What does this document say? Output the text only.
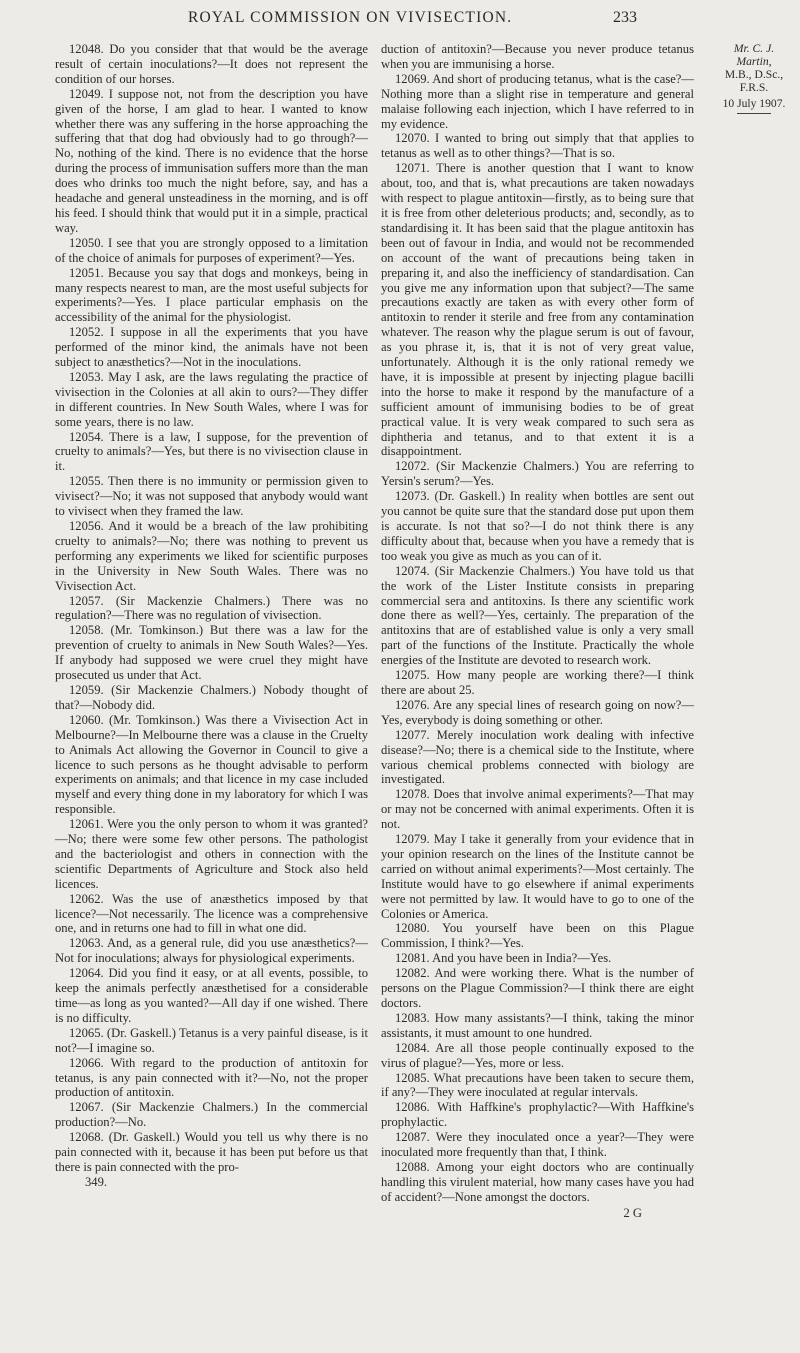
ROYAL COMMISSION ON VIVISECTION.	233

12048. Do you consider that that would be the average result of certain inoculations?—It does not represent the condition of our horses.

12049. I suppose not, not from the description you have given of the horse, I am glad to hear. I wanted to know whether there was any suffering in the horse approaching the suffering that that dog had obviously had to go through?—No, nothing of the kind. There is no evidence that the horse during the process of immunisation suffers more than the man does who drinks too much the night before, say, and has a headache and general unsteadiness in the morning, and is off his feed. I should think that would put it in a simple, practical way.

12050. I see that you are strongly opposed to a limitation of the choice of animals for purposes of experiment?—Yes.

12051. Because you say that dogs and monkeys, being in many respects nearest to man, are the most useful subjects for experiments?—Yes. I place particular emphasis on the accessibility of the animal for the physiologist.

12052. I suppose in all the experiments that you have performed of the minor kind, the animals have not been subject to anæsthetics?—Not in the inoculations.

12053. May I ask, are the laws regulating the practice of vivisection in the Colonies at all akin to ours?—They differ in different countries. In New South Wales, where I was for some years, there is no law.

12054. There is a law, I suppose, for the prevention of cruelty to animals?—Yes, but there is no vivisection clause in it.

12055. Then there is no immunity or permission given to vivisect?—No; it was not supposed that anybody would want to vivisect when they framed the law.

12056. And it would be a breach of the law prohibiting cruelty to animals?—No; there was nothing to prevent us performing any experiments we liked for scientific purposes in the University in New South Wales. There was no Vivisection Act.

12057. (Sir Mackenzie Chalmers.) There was no regulation?—There was no regulation of vivisection.

12058. (Mr. Tomkinson.) But there was a law for the prevention of cruelty to animals in New South Wales?—Yes. If anybody had supposed we were cruel they might have prosecuted us under that Act.

12059. (Sir Mackenzie Chalmers.) Nobody thought of that?—Nobody did.

12060. (Mr. Tomkinson.) Was there a Vivisection Act in Melbourne?—In Melbourne there was a clause in the Cruelty to Animals Act allowing the Governor in Council to give a licence to such persons as he thought advisable to perform experiments on animals; and that licence in my case included myself and every thing done in my laboratory for which I was responsible.

12061. Were you the only person to whom it was granted?—No; there were some few other persons. The pathologist and the bacteriologist and others in connection with the scientific Departments of Agriculture and Stock also held licences.

12062. Was the use of anæsthetics imposed by that licence?—Not necessarily. The licence was a comprehensive one, and in returns one had to fill in what one did.

12063. And, as a general rule, did you use anæsthetics?—Not for inoculations; always for physiological experiments.

12064. Did you find it easy, or at all events, possible, to keep the animals perfectly anæsthetised for a considerable time—as long as you wanted?—All day if one wished. There is no difficulty.

12065. (Dr. Gaskell.) Tetanus is a very painful disease, is it not?—I imagine so.

12066. With regard to the production of antitoxin for tetanus, is any pain connected with it?—No, not the proper production of antitoxin.

12067. (Sir Mackenzie Chalmers.) In the commercial production?—No.

12068. (Dr. Gaskell.) Would you tell us why there is no pain connected with it, because it has been put before us that there is pain connected with the pro-

349.

duction of antitoxin?—Because you never produce tetanus when you are immunising a horse.

12069. And short of producing tetanus, what is the case?—Nothing more than a slight rise in temperature and general malaise following each injection, which I have referred to in my evidence.

12070. I wanted to bring out simply that that applies to tetanus as well as to other things?—That is so.

12071. There is another question that I want to know about, too, and that is, what precautions are taken nowadays with respect to plague antitoxin—firstly, as to being sure that it is free from other deleterious products; and, secondly, as to standardising it. It has been said that the plague antitoxin has been out of favour in India, and would not be recommended on account of the want of precautions being taken in preparing it, and also the inefficiency of standardisation. Can you give me any information upon that subject?—The same precautions exactly are taken as with every other form of antitoxin to render it sterile and free from any contamination whatever. The reason why the plague serum is out of favour, as you phrase it, is, that it is not of very great value, unfortunately. Although it is the only rational remedy we have, it is impossible at present by injecting plague bacilli into the horse to make it respond by the manufacture of a sufficient amount of immunising bodies to be of great practical value. It is very weak compared to such sera as diphtheria and tetanus, and to that extent it is a disappointment.

12072. (Sir Mackenzie Chalmers.) You are referring to Yersin's serum?—Yes.

12073. (Dr. Gaskell.) In reality when bottles are sent out you cannot be quite sure that the standard dose put upon them is accurate. Is not that so?—I do not think there is any difficulty about that, because when you have a remedy that is too weak you give as much as you can of it.

12074. (Sir Mackenzie Chalmers.) You have told us that the work of the Lister Institute consists in preparing commercial sera and antitoxins. Is there any scientific work done there as well?—Yes, certainly. The preparation of the antitoxins that are of established value is only a very small part of the functions of the Institute. Practically the whole energies of the Institute are devoted to research work.

12075. How many people are working there?—I think there are about 25.

12076. Are any special lines of research going on now?—Yes, everybody is doing something or other.

12077. Merely inoculation work dealing with infective disease?—No; there is a chemical side to the Institute, where various chemical problems connected with biology are investigated.

12078. Does that involve animal experiments?—That may or may not be concerned with animal experiments. Often it is not.

12079. May I take it generally from your evidence that in your opinion research on the lines of the Institute cannot be carried on without animal experiments?—Most certainly. The Institute would have to go elsewhere if animal experiments were not permitted by law. It would have to go to one of the Colonies or America.

12080. You yourself have been on this Plague Commission, I think?—Yes.

12081. And you have been in India?—Yes.

12082. And were working there. What is the number of persons on the Plague Commission?—I think there are eight doctors.

12083. How many assistants?—I think, taking the minor assistants, it must amount to one hundred.

12084. Are all those people continually exposed to the virus of plague?—Yes, more or less.

12085. What precautions have been taken to secure them, if any?—They were inoculated at regular intervals.

12086. With Haffkine's prophylactic?—With Haffkine's prophylactic.

12087. Were they inoculated once a year?—They were inoculated more frequently than that, I think.

12088. Among your eight doctors who are continually handling this virulent material, how many cases have you had of accident?—None amongst the doctors.

2 G

Mr. C. J.
Martin,
M.B., D.Sc.,
F.R.S.
10 July 1907.
